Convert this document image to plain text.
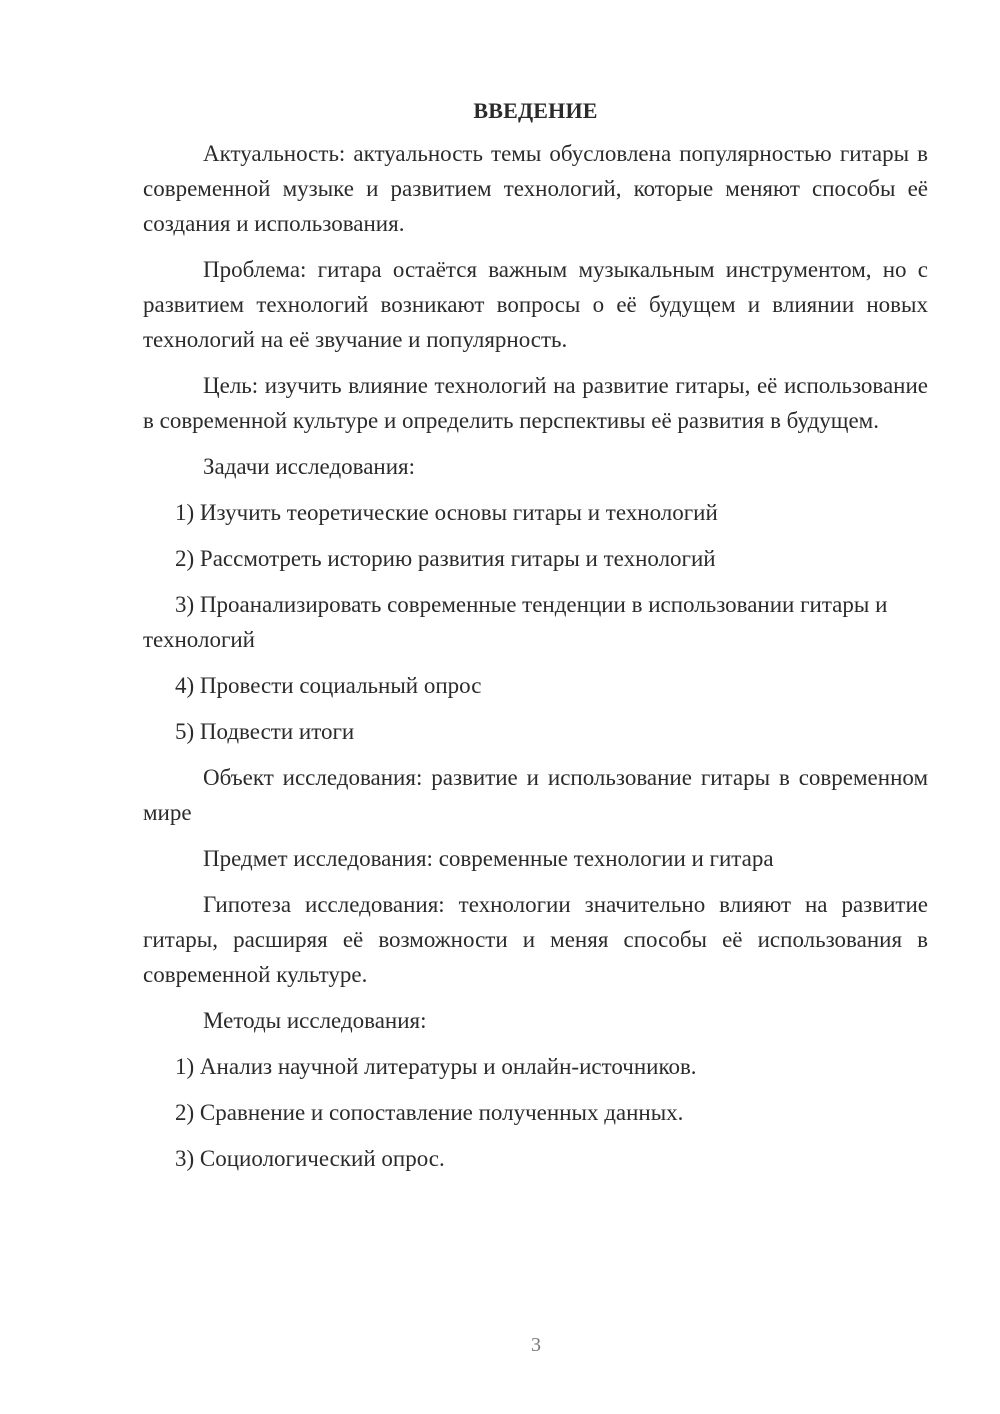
ВВЕДЕНИЕ

Актуальность: актуальность темы обусловлена популярностью гитары в современной музыке и развитием технологий, которые меняют способы её создания и использования.

Проблема: гитара остаётся важным музыкальным инструментом, но с развитием технологий возникают вопросы о её будущем и влиянии новых технологий на её звучание и популярность.

Цель: изучить влияние технологий на развитие гитары, её использование в современной культуре и определить перспективы её развития в будущем.

Задачи исследования:

1) Изучить теоретические основы гитары и технологий

2) Рассмотреть историю развития гитары и технологий

3) Проанализировать современные тенденции в использовании гитары и технологий

4) Провести социальный опрос

5) Подвести итоги

Объект исследования: развитие и использование гитары в современном мире

Предмет исследования: современные технологии и гитара

Гипотеза исследования: технологии значительно влияют на развитие гитары, расширяя её возможности и меняя способы её использования в современной культуре.

Методы исследования:

1) Анализ научной литературы и онлайн-источников.

2) Сравнение и сопоставление полученных данных.

3) Социологический опрос.

3
